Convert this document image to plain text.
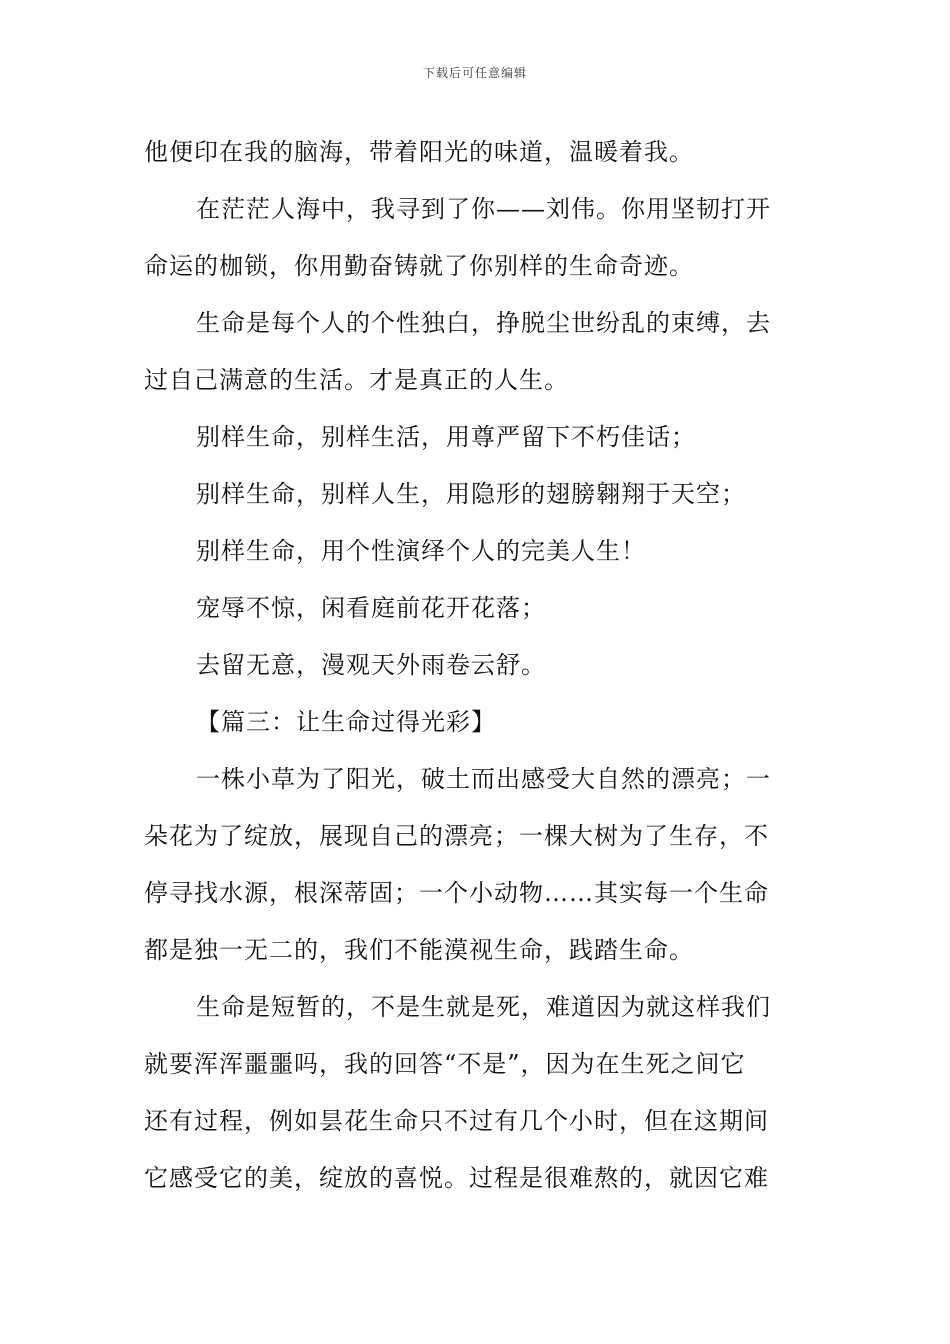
下载后可任意编辑
他便印在我的脑海，带着阳光的味道，温暖着我。
在茫茫人海中，我寻到了你——刘伟。你用坚韧打开
命运的枷锁，你用勤奋铸就了你别样的生命奇迹。
生命是每个人的个性独白，挣脱尘世纷乱的束缚，去
过自己满意的生活。才是真正的人生。
别样生命，别样生活，用尊严留下不朽佳话；
别样生命，别样人生，用隐形的翅膀翱翔于天空；
别样生命，用个性演绎个人的完美人生！
宠辱不惊，闲看庭前花开花落；
去留无意，漫观天外雨卷云舒。
【篇三：让生命过得光彩】
一株小草为了阳光，破土而出感受大自然的漂亮；一
朵花为了绽放，展现自己的漂亮；一棵大树为了生存，不
停寻找水源，根深蒂固；一个小动物……其实每一个生命
都是独一无二的，我们不能漠视生命，践踏生命。
生命是短暂的，不是生就是死，难道因为就这样我们
就要浑浑噩噩吗，我的回答“不是”，因为在生死之间它
还有过程，例如昙花生命只不过有几个小时，但在这期间
它感受它的美，绽放的喜悦。过程是很难熬的，就因它难
